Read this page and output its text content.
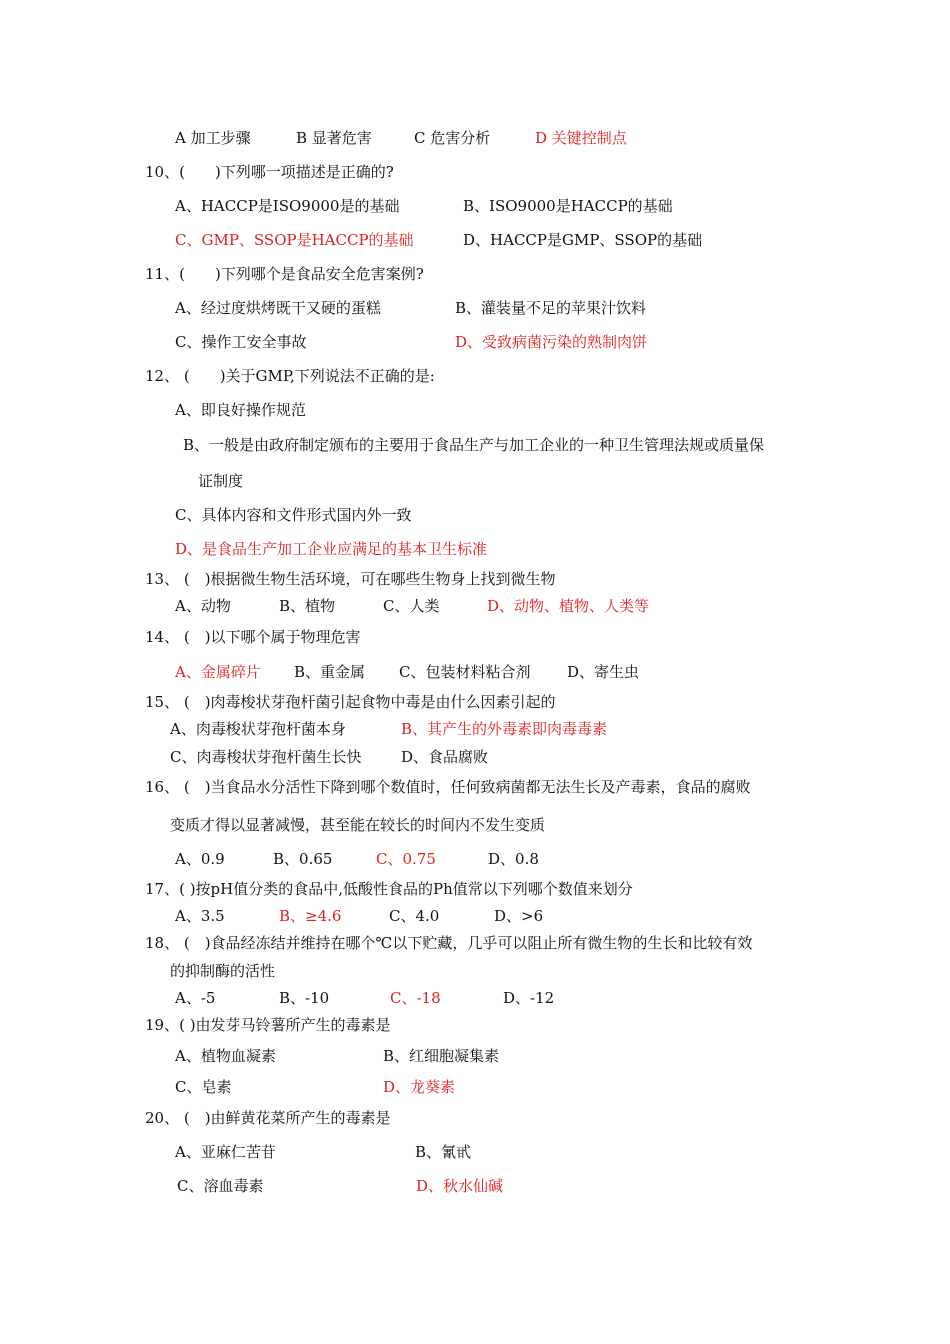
A 加工步骤	B 显著危害	C 危害分析	D 关键控制点
10、(　　)下列哪一项描述是正确的?
A、HACCP是ISO9000是的基础	B、ISO9000是HACCP的基础
C、GMP、SSOP是HACCP的基础	D、HACCP是GMP、SSOP的基础
11、(　　)下列哪个是食品安全危害案例?
A、经过度烘烤既干又硬的蛋糕	B、灌装量不足的苹果汁饮料
C、操作工安全事故	D、受致病菌污染的熟制肉饼
12、 (　　)关于GMP,下列说法不正确的是:
A、即良好操作规范
B、一般是由政府制定颁布的主要用于食品生产与加工企业的一种卫生管理法规或质量保
证制度
C、具体内容和文件形式国内外一致
D、是食品生产加工企业应满足的基本卫生标准
13、 (　)根据微生物生活环境，可在哪些生物身上找到微生物
A、动物	B、植物	C、人类	D、动物、植物、人类等
14、 (　)以下哪个属于物理危害
A、金属碎片 B、重金属 C、包装材料粘合剂 D、寄生虫
15、 (　)肉毒梭状芽孢杆菌引起食物中毒是由什么因素引起的
A、肉毒梭状芽孢杆菌本身	B、其产生的外毒素即肉毒毒素
C、肉毒梭状芽孢杆菌生长快	D、食品腐败
16、 (　)当食品水分活性下降到哪个数值时，任何致病菌都无法生长及产毒素，食品的腐败
变质才得以显著减慢，甚至能在较长的时间内不发生变质
A、0.9	B、0.65	C、0.75	D、0.8
17、( )按pH值分类的食品中,低酸性食品的Ph值常以下列哪个数值来划分
A、3.5	B、≥4.6	C、4.0	D、>6
18、 (　)食品经冻结并维持在哪个℃以下贮藏，几乎可以阻止所有微生物的生长和比较有效
的抑制酶的活性
A、-5	B、-10	C、-18	D、-12
19、( )由发芽马铃薯所产生的毒素是
A、植物血凝素	B、红细胞凝集素
C、皂素	D、龙葵素
20、 (　)由鲜黄花菜所产生的毒素是
A、亚麻仁苦苷	B、氰甙
C、溶血毒素	D、秋水仙碱
